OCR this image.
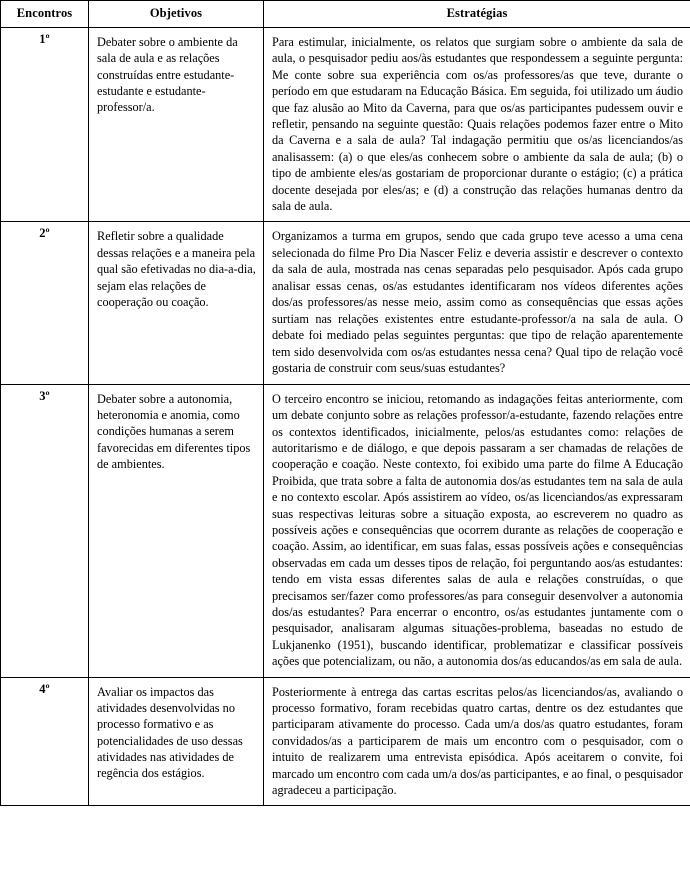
Encontros	Objetivos	Estratégias
1º	Debater sobre o ambiente da sala de aula e as relações construídas entre estudante-estudante e estudante-professor/a.	Para estimular, inicialmente, os relatos que surgiam sobre o ambiente da sala de aula, o pesquisador pediu aos/às estudantes que respondessem a seguinte pergunta: Me conte sobre sua experiência com os/as professores/as que teve, durante o período em que estudaram na Educação Básica. Em seguida, foi utilizado um áudio que faz alusão ao Mito da Caverna, para que os/as participantes pudessem ouvir e refletir, pensando na seguinte questão: Quais relações podemos fazer entre o Mito da Caverna e a sala de aula? Tal indagação permitiu que os/as licenciandos/as analisassem: (a) o que eles/as conhecem sobre o ambiente da sala de aula; (b) o tipo de ambiente eles/as gostariam de proporcionar durante o estágio; (c) a prática docente desejada por eles/as; e (d) a construção das relações humanas dentro da sala de aula.
2º	Refletir sobre a qualidade dessas relações e a maneira pela qual são efetivadas no dia-a-dia, sejam elas relações de cooperação ou coação.	Organizamos a turma em grupos, sendo que cada grupo teve acesso a uma cena selecionada do filme Pro Dia Nascer Feliz e deveria assistir e descrever o contexto da sala de aula, mostrada nas cenas separadas pelo pesquisador. Após cada grupo analisar essas cenas, os/as estudantes identificaram nos vídeos diferentes ações dos/as professores/as nesse meio, assim como as consequências que essas ações surtiam nas relações existentes entre estudante-professor/a na sala de aula. O debate foi mediado pelas seguintes perguntas: que tipo de relação aparentemente tem sido desenvolvida com os/as estudantes nessa cena? Qual tipo de relação você gostaria de construir com seus/suas estudantes?
3º	Debater sobre a autonomia, heteronomia e anomia, como condições humanas a serem favorecidas em diferentes tipos de ambientes.	O terceiro encontro se iniciou, retomando as indagações feitas anteriormente, com um debate conjunto sobre as relações professor/a-estudante, fazendo relações entre os contextos identificados, inicialmente, pelos/as estudantes como: relações de autoritarismo e de diálogo, e que depois passaram a ser chamadas de relações de cooperação e coação. Neste contexto, foi exibido uma parte do filme A Educação Proibida, que trata sobre a falta de autonomia dos/as estudantes tem na sala de aula e no contexto escolar. Após assistirem ao vídeo, os/as licenciandos/as expressaram suas respectivas leituras sobre a situação exposta, ao escreverem no quadro as possíveis ações e consequências que ocorrem durante as relações de cooperação e coação. Assim, ao identificar, em suas falas, essas possíveis ações e consequências observadas em cada um desses tipos de relação, foi perguntando aos/as estudantes: tendo em vista essas diferentes salas de aula e relações construídas, o que precisamos ser/fazer como professores/as para conseguir desenvolver a autonomia dos/as estudantes? Para encerrar o encontro, os/as estudantes juntamente com o pesquisador, analisaram algumas situações-problema, baseadas no estudo de Lukjanenko (1951), buscando identificar, problematizar e classificar possíveis ações que potencializam, ou não, a autonomia dos/as educandos/as em sala de aula.
4º	Avaliar os impactos das atividades desenvolvidas no processo formativo e as potencialidades de uso dessas atividades nas atividades de regência dos estágios.	Posteriormente à entrega das cartas escritas pelos/as licenciandos/as, avaliando o processo formativo, foram recebidas quatro cartas, dentre os dez estudantes que participaram ativamente do processo. Cada um/a dos/as quatro estudantes, foram convidados/as a participarem de mais um encontro com o pesquisador, com o intuito de realizarem uma entrevista episódica. Após aceitarem o convite, foi marcado um encontro com cada um/a dos/as participantes, e ao final, o pesquisador agradeceu a participação.
